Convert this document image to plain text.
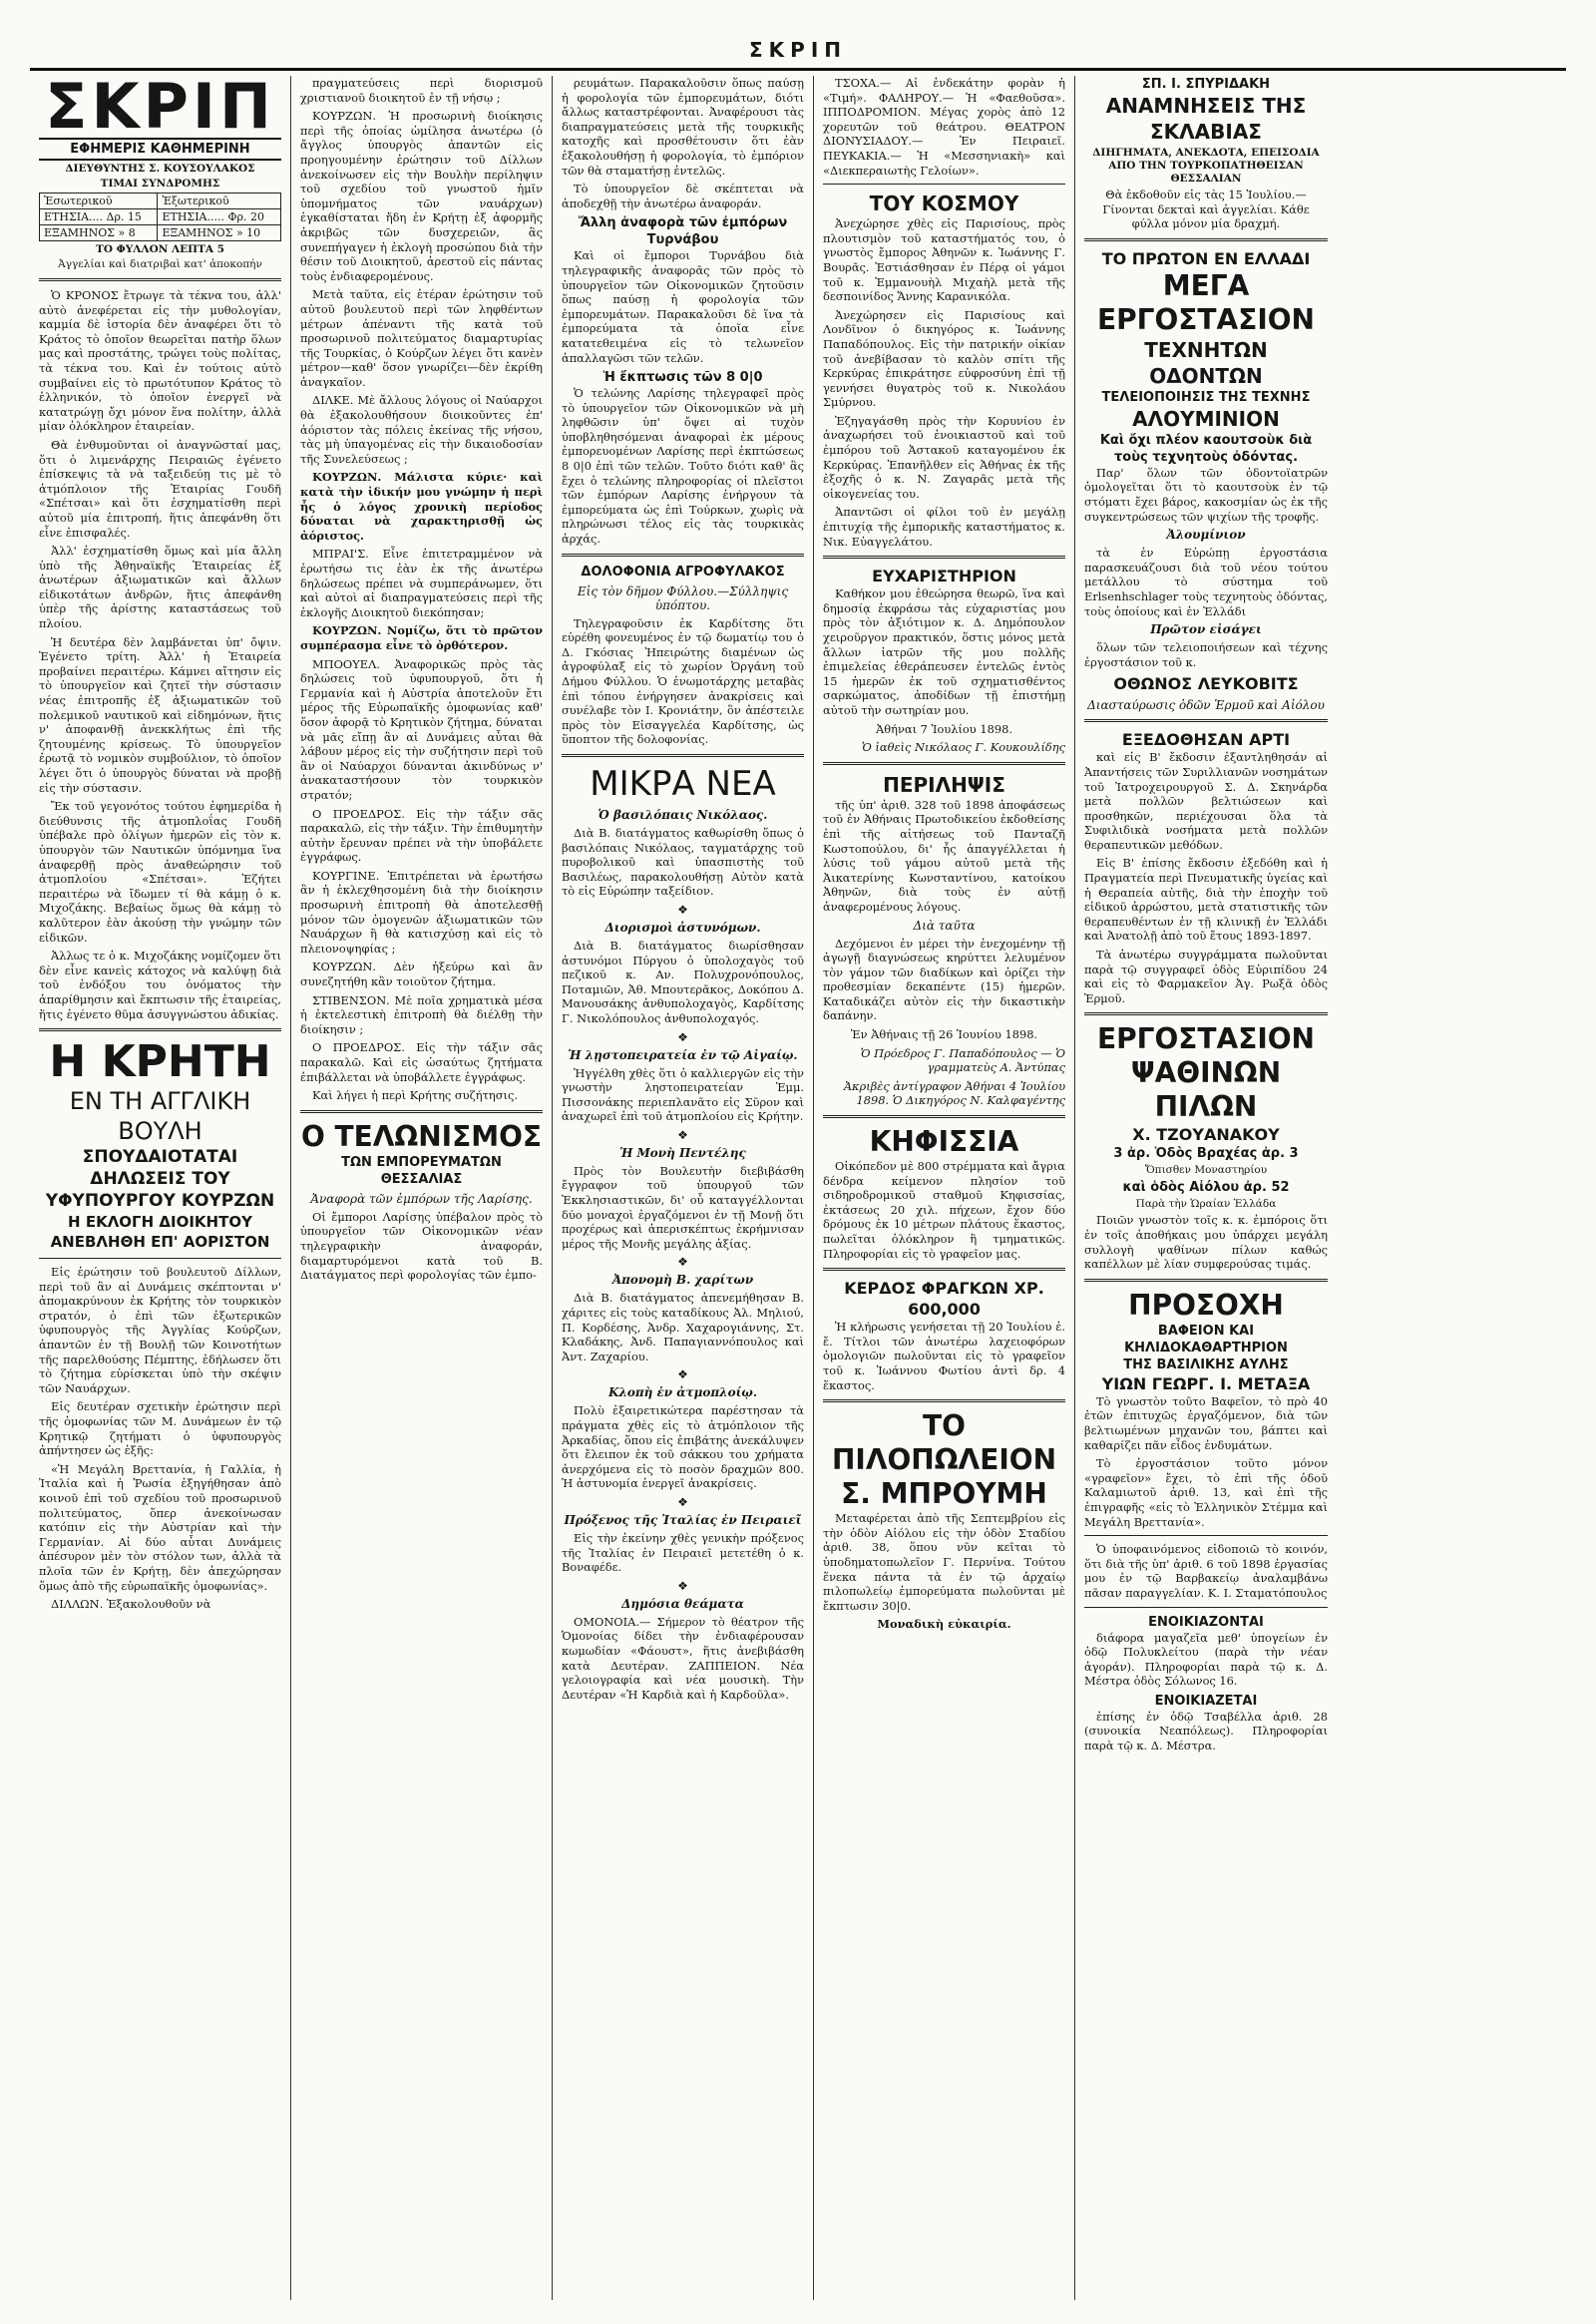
ΣΚΡΙΠ
ΣΚΡΙΠ
ΕΦΗΜΕΡΙΣ ΚΑΘΗΜΕΡΙΝΗ
ΔΙΕΥΘΥΝΤΗΣ Σ. ΚΟΥΣΟΥΛΑΚΟΣ
ΤΙΜΑΙ ΣΥΝΔΡΟΜΗΣ
Ἐσωτερικοῦ	Ἐξωτερικοῦ
ΕΤΗΣΙΑ.... Δρ. 15	ΕΤΗΣΙΑ..... Φρ. 20
ΕΞΑΜΗΝΟΣ » 8	ΕΞΑΜΗΝΟΣ » 10
ΤΟ ΦΥΛΛΟΝ ΛΕΠΤΑ 5
Ἀγγελίαι καὶ διατριβαὶ κατ' ἀποκοπήν

Ὁ ΚΡΟΝΟΣ ἔτρωγε τὰ τέκνα του, ἀλλ' αὐτὸ ἀνεφέρεται εἰς τὴν μυθολογίαν, καμμία δὲ ἱστορία δὲν ἀναφέρει ὅτι τὸ Κράτος τὸ ὁποῖον θεωρεῖται πατὴρ ὅλων μας καὶ προστάτης, τρώγει τοὺς πολίτας, τὰ τέκνα του. Καὶ ἐν τούτοις αὐτὸ συμβαίνει εἰς τὸ πρωτότυπον Κράτος τὸ ἑλληνικόν, τὸ ὁποῖον ἐνεργεῖ νὰ κατατρώγῃ ὄχι μόνον ἕνα πολίτην, ἀλλὰ μίαν ὁλόκληρον ἑταιρείαν.

Θὰ ἐνθυμοῦνται οἱ ἀναγνῶσταί μας, ὅτι ὁ λιμενάρχης Πειραιῶς ἐγένετο ἐπίσκεψις τὰ νὰ ταξειδεύῃ τις μὲ τὸ ἀτμόπλοιον τῆς Ἑταιρίας Γουδῆ «Σπέτσαι» καὶ ὅτι ἐσχηματίσθη περὶ αὐτοῦ μία ἐπιτροπή, ἥτις ἀπεφάνθη ὅτι εἶνε ἐπισφαλές.

Ἀλλ' ἐσχηματίσθη ὅμως καὶ μία ἄλλη ὑπὸ τῆς Ἀθηναϊκῆς Ἑταιρείας ἐξ ἀνωτέρων ἀξιωματικῶν καὶ ἄλλων εἰδικοτάτων ἀνδρῶν, ἥτις ἀπεφάνθη ὑπὲρ τῆς ἀρίστης καταστάσεως τοῦ πλοίου.

Ἡ δευτέρα δὲν λαμβάνεται ὑπ' ὄψιν. Ἐγένετο τρίτη. Ἀλλ' ἡ Ἑταιρεία προβαίνει περαιτέρω. Κάμνει αἴτησιν εἰς τὸ ὑπουργεῖον καὶ ζητεῖ τὴν σύστασιν νέας ἐπιτροπῆς ἐξ ἀξιωματικῶν τοῦ πολεμικοῦ ναυτικοῦ καὶ εἰδημόνων, ἥτις ν' ἀποφανθῇ ἀνεκκλήτως ἐπὶ τῆς ζητουμένης κρίσεως. Τὸ ὑπουργεῖον ἐρωτᾷ τὸ νομικὸν συμβούλιον, τὸ ὁποῖον λέγει ὅτι ὁ ὑπουργὸς δύναται νὰ προβῇ εἰς τὴν σύστασιν.

Ἔκ τοῦ γεγονότος τούτου ἐφημερίδα ἡ διεύθυνσις τῆς ἀτμοπλοΐας Γουδῆ ὑπέβαλε πρὸ ὀλίγων ἡμερῶν εἰς τὸν κ. ὑπουργὸν τῶν Ναυτικῶν ὑπόμνημα ἵνα ἀναφερθῇ πρὸς ἀναθεώρησιν τοῦ ἀτμοπλοίου «Σπέτσαι». Ἐζήτει περαιτέρω νὰ ἴδωμεν τί θὰ κάμῃ ὁ κ. Μιχοζάκης. Βεβαίως ὅμως θὰ κάμῃ τὸ καλῦτερον ἐὰν ἀκούσῃ τὴν γνώμην τῶν εἰδικῶν.

Ἀλλως τε ὁ κ. Μιχοζάκης νομίζομεν ὅτι δὲν εἶνε κανεὶς κάτοχος νὰ καλύψῃ διὰ τοῦ ἐνδόξου του ὀνόματος τὴν ἀπαρίθμησιν καὶ ἔκπτωσιν τῆς ἑταιρείας, ἥτις ἐγένετο θῦμα ἀσυγγνώστου ἀδικίας.

Η ΚΡΗΤΗ
ΕΝ ΤΗ ΑΓΓΛΙΚΗ ΒΟΥΛΗ
ΣΠΟΥΔΑΙΟΤΑΤΑΙ ΔΗΛΩΣΕΙΣ ΤΟΥ ΥΦΥΠΟΥΡΓΟΥ ΚΟΥΡΖΩΝ
Η ΕΚΛΟΓΗ ΔΙΟΙΚΗΤΟΥ ΑΝΕΒΛΗΘΗ ΕΠ' ΑΟΡΙΣΤΟΝ

Εἰς ἐρώτησιν τοῦ βουλευτοῦ Δίλλων, περὶ τοῦ ἂν αἱ Δυνάμεις σκέπτονται ν' ἀπομακρύνουν ἐκ Κρήτης τὸν τουρκικὸν στρατόν, ὁ ἐπὶ τῶν ἐξωτερικῶν ὑφυπουργὸς τῆς Ἀγγλίας Κούρζων, ἀπαντῶν ἐν τῇ Βουλῇ τῶν Κοινοτήτων τῆς παρελθούσης Πέμπτης, ἐδήλωσεν ὅτι τὸ ζήτημα εὑρίσκεται ὑπὸ τὴν σκέψιν τῶν Ναυάρχων.

Εἰς δευτέραν σχετικὴν ἐρώτησιν περὶ τῆς ὁμοφωνίας τῶν Μ. Δυνάμεων ἐν τῷ Κρητικῷ ζητήματι ὁ ὑφυπουργὸς ἀπήντησεν ὡς ἑξῆς:

«Ἡ Μεγάλη Βρεττανία, ἡ Γαλλία, ἡ Ἰταλία καὶ ἡ Ῥωσία ἐξηγήθησαν ἀπὸ κοινοῦ ἐπὶ τοῦ σχεδίου τοῦ προσωρινοῦ πολιτεύματος, ὅπερ ἀνεκοίνωσαν κατόπιν εἰς τὴν Αὐστρίαν καὶ τὴν Γερμανίαν. Αἱ δύο αὗται Δυνάμεις ἀπέσυρον μὲν τὸν στόλον των, ἀλλὰ τὰ πλοῖα τῶν ἐν Κρήτῃ, δὲν ἀπεχώρησαν ὅμως ἀπὸ τῆς εὐρωπαϊκῆς ὁμοφωνίας».

ΔΙΛΛΩΝ. Ἐξακολουθοῦν νὰ

πραγματεύσεις περὶ διορισμοῦ χριστιανοῦ διοικητοῦ ἐν τῇ νήσῳ ;

ΚΟΥΡΖΩΝ. Ἡ προσωρινὴ διοίκησις περὶ τῆς ὁποίας ὡμίλησα ἀνωτέρω (ὁ ἄγγλος ὑπουργὸς ἀπαντῶν εἰς προηγουμένην ἐρώτησιν τοῦ Δίλλων ἀνεκοίνωσεν εἰς τὴν Βουλὴν περίληψιν τοῦ σχεδίου τοῦ γνωστοῦ ἡμῖν ὑπομνήματος τῶν ναυάρχων) ἐγκαθίσταται ἤδη ἐν Κρήτῃ ἐξ ἀφορμῆς ἀκριβῶς τῶν δυσχερειῶν, ἃς συνεπήγαγεν ἡ ἐκλογὴ προσώπου διὰ τὴν θέσιν τοῦ Διοικητοῦ, ἀρεστοῦ εἰς πάντας τοὺς ἐνδιαφερομένους.

Μετὰ ταῦτα, εἰς ἑτέραν ἐρώτησιν τοῦ αὐτοῦ βουλευτοῦ περὶ τῶν ληφθέντων μέτρων ἀπέναντι τῆς κατὰ τοῦ προσωρινοῦ πολιτεύματος διαμαρτυρίας τῆς Τουρκίας, ὁ Κούρζων λέγει ὅτι κανὲν μέτρον—καθ' ὅσον γνωρίζει—δὲν ἐκρίθη ἀναγκαῖον.

ΔΙΛΚΕ. Μὲ ἄλλους λόγους οἱ Ναύαρχοι θὰ ἐξακολουθήσουν διοικοῦντες ἐπ' ἀόριστον τὰς πόλεις ἐκείνας τῆς νήσου, τὰς μὴ ὑπαγομένας εἰς τὴν δικαιοδοσίαν τῆς Συνελεύσεως ;

ΚΟΥΡΖΩΝ. Μάλιστα κύριε· καὶ κατὰ τὴν ἰδικήν μου γνώμην ἡ περὶ ἧς ὁ λόγος χρονικὴ περίοδος δύναται νὰ χαρακτηρισθῇ ὡς ἀόριστος.

ΜΠΡΑΙ'Σ. Εἶνε ἐπιτετραμμένον νὰ ἐρωτήσω τις ἐὰν ἐκ τῆς ἀνωτέρω δηλώσεως πρέπει νὰ συμπεράνωμεν, ὅτι καὶ αὐτοὶ αἱ διαπραγματεύσεις περὶ τῆς ἐκλογῆς Διοικητοῦ διεκόπησαν;

ΚΟΥΡΖΩΝ. Νομίζω, ὅτι τὸ πρῶτον συμπέρασμα εἶνε τὸ ὀρθότερον.

ΜΠΟΟΥΕΛ. Ἀναφορικῶς πρὸς τὰς δηλώσεις τοῦ ὑφυπουργοῦ, ὅτι ἡ Γερμανία καὶ ἡ Αὐστρία ἀποτελοῦν ἔτι μέρος τῆς Εὐρωπαϊκῆς ὁμοφωνίας καθ' ὅσον ἀφορᾷ τὸ Κρητικὸν ζήτημα, δύναται νὰ μᾶς εἴπῃ ἂν αἱ Δυνάμεις αὗται θὰ λάβουν μέρος εἰς τὴν συζήτησιν περὶ τοῦ ἂν οἱ Ναύαρχοι δύνανται ἀκινδύνως ν' ἀνακαταστήσουν τὸν τουρκικὸν στρατόν;

Ο ΠΡΟΕΔΡΟΣ. Εἰς τὴν τάξιν σᾶς παρακαλῶ, εἰς τὴν τάξιν. Τὴν ἐπιθυμητὴν αὐτὴν ἔρευναν πρέπει νὰ τὴν ὑποβάλετε ἐγγράφως.

ΚΟΥΡΓΙΝΕ. Ἐπιτρέπεται νὰ ἐρωτήσω ἂν ἡ ἐκλεχθησομένη διὰ τὴν διοίκησιν προσωρινὴ ἐπιτροπὴ θὰ ἀποτελεσθῇ μόνον τῶν ὁμογενῶν ἀξιωματικῶν τῶν Ναυάρχων ἢ θὰ κατισχύσῃ καὶ εἰς τὸ πλειονοψηφίας ;

ΚΟΥΡΖΩΝ. Δὲν ἠξεύρω καὶ ἂν συνεζητήθη κἂν τοιοῦτον ζήτημα.

ΣΤΙΒΕΝΣΟΝ. Μὲ ποῖα χρηματικὰ μέσα ἡ ἐκτελεστικὴ ἐπιτροπὴ θὰ διέλθῃ τὴν διοίκησιν ;

Ο ΠΡΟΕΔΡΟΣ. Εἰς τὴν τάξιν σᾶς παρακαλῶ. Καὶ εἰς ὡσαύτως ζητήματα ἐπιβάλλεται νὰ ὑποβάλλετε ἐγγράφως.

Καὶ λήγει ἡ περὶ Κρήτης συζήτησις.

Ο ΤΕΛΩΝΙΣΜΟΣ
ΤΩΝ ΕΜΠΟΡΕΥΜΑΤΩΝ ΘΕΣΣΑΛΙΑΣ
Ἀναφορὰ τῶν ἐμπόρων τῆς Λαρίσης.

Οἱ ἔμποροι Λαρίσης ὑπέβαλον πρὸς τὸ ὑπουργεῖον τῶν Οἰκονομικῶν νέαν τηλεγραφικὴν ἀναφοράν, διαμαρτυρόμενοι κατὰ τοῦ Β. Διατάγματος περὶ φορολογίας τῶν ἐμπο-

ρευμάτων. Παρακαλοῦσιν ὅπως παύσῃ ἡ φορολογία τῶν ἐμπορευμάτων, διότι ἄλλως καταστρέφονται. Ἀναφέρουσι τὰς διαπραγματεύσεις μετὰ τῆς τουρκικῆς κατοχῆς καὶ προσθέτουσιν ὅτι ἐὰν ἐξακολουθήσῃ ἡ φορολογία, τὸ ἐμπόριον τῶν θὰ σταματήσῃ ἐντελῶς.

Τὸ ὑπουργεῖον δὲ σκέπτεται νὰ ἀποδεχθῇ τὴν ἀνωτέρω ἀναφοράν.

Ἄλλη ἀναφορὰ τῶν ἐμπόρων Τυρνάβου

Καὶ οἱ ἔμποροι Τυρνάβου διὰ τηλεγραφικῆς ἀναφορᾶς τῶν πρὸς τὸ ὑπουργεῖον τῶν Οἰκονομικῶν ζητοῦσιν ὅπως παύσῃ ἡ φορολογία τῶν ἐμπορευμάτων. Παρακαλοῦσι δὲ ἵνα τὰ ἐμπορεύματα τὰ ὁποῖα εἶνε κατατεθειμένα εἰς τὸ τελωνεῖον ἀπαλλαγῶσι τῶν τελῶν.

Ἡ ἔκπτωσις τῶν 8 0|0

Ὁ τελώνης Λαρίσης τηλεγραφεῖ πρὸς τὸ ὑπουργεῖον τῶν Οἰκονομικῶν νὰ μὴ ληφθῶσιν ὑπ' ὄψει αἱ τυχὸν ὑποβληθησόμεναι ἀναφοραὶ ἐκ μέρους ἐμπορευομένων Λαρίσης περὶ ἐκπτώσεως 8 0|0 ἐπὶ τῶν τελῶν. Τοῦτο διότι καθ' ἃς ἔχει ὁ τελώνης πληροφορίας οἱ πλεῖστοι τῶν ἐμπόρων Λαρίσης ἐνήργουν τὰ ἐμπορεύματα ὡς ἐπὶ Τούρκων, χωρὶς νὰ πληρώνωσι τέλος εἰς τὰς τουρκικὰς ἀρχάς.

ΔΟΛΟΦΟΝΙΑ ΑΓΡΟΦΥΛΑΚΟΣ
Εἰς τὸν δῆμον Φύλλου.—Σύλληψις ὑπόπτου.

Τηλεγραφοῦσιν ἐκ Καρδίτσης ὅτι εὑρέθη φονευμένος ἐν τῷ δωματίῳ του ὁ Δ. Γκόσιας Ἠπειρώτης διαμένων ὡς ἀγροφύλαξ εἰς τὸ χωρίον Ὀργάνη τοῦ Δήμου Φύλλου. Ὁ ἐνωμοτάρχης μεταβὰς ἐπὶ τόπου ἐνήργησεν ἀνακρίσεις καὶ συνέλαβε τὸν Ι. Κρονιάτην, ὃν ἀπέστειλε πρὸς τὸν Εἰσαγγελέα Καρδίτσης, ὡς ὕποπτον τῆς δολοφονίας.

ΜΙΚΡΑ ΝΕΑ
Ὁ βασιλόπαις Νικόλαος.

Διὰ Β. διατάγματος καθωρίσθη ὅπως ὁ βασιλόπαις Νικόλαος, ταγματάρχης τοῦ πυροβολικοῦ καὶ ὑπασπιστὴς τοῦ Βασιλέως, παρακολουθήσῃ Αὐτὸν κατὰ τὸ εἰς Εὐρώπην ταξείδιον.

❖
Διορισμοὶ ἀστυνόμων.

Διὰ Β. διατάγματος διωρίσθησαν ἀστυνόμοι Πύργου ὁ ὑπολοχαγὸς τοῦ πεζικοῦ κ. Αν. Πολυχρονόπουλος, Ποταμιῶν, Ἀθ. Μπουτερᾶκος, Δοκόπου Δ. Μανουσάκης ἀνθυπολοχαγὸς, Καρδίτσης Γ. Νικολόπουλος ἀνθυπολοχαγός.

❖
Ἡ λῃστοπειρατεία ἐν τῷ Αἰγαίῳ.

Ἠγγέλθη χθὲς ὅτι ὁ καλλιεργῶν εἰς τὴν γνωστὴν ληστοπειρατείαν Ἐμμ. Πισσονάκης περιεπλανᾶτο εἰς Σῦρον καὶ ἀναχωρεῖ ἐπὶ τοῦ ἀτμοπλοίου εἰς Κρήτην.

❖
Ἡ Μονὴ Πεντέλης

Πρὸς τὸν Βουλευτὴν διεβιβάσθη ἔγγραφον τοῦ ὑπουργοῦ τῶν Ἐκκλησιαστικῶν, δι' οὗ καταγγέλλονται δύο μοναχοὶ ἐργαζόμενοι ἐν τῇ Μονῇ ὅτι προχέρως καὶ ἀπερισκέπτως ἐκρήμνισαν μέρος τῆς Μονῆς μεγάλης ἀξίας.

❖
Ἀπονομὴ Β. χαρίτων

Διὰ Β. διατάγματος ἀπενεμήθησαν Β. χάριτες εἰς τοὺς καταδίκους Ἀλ. Μηλιού, Π. Κορδέσης, Ἀνδρ. Χαχαρογιάννης, Στ. Κλαδάκης, Ἀνδ. Παπαγιαννόπουλος καὶ Ἀντ. Ζαχαρίου.

❖
Κλοπὴ ἐν ἀτμοπλοίῳ.

Πολὺ ἐξαιρετικώτερα παρέστησαν τὰ πράγματα χθὲς εἰς τὸ ἀτμόπλοιον τῆς Ἀρκαδίας, ὅπου εἰς ἐπιβάτης ἀνεκάλυψεν ὅτι ἔλειπον ἐκ τοῦ σάκκου του χρήματα ἀνερχόμενα εἰς τὸ ποσὸν δραχμῶν 800. Ἡ ἀστυνομία ἐνεργεῖ ἀνακρίσεις.

❖
Πρόξενος τῆς Ἰταλίας ἐν Πειραιεῖ

Εἰς τὴν ἐκείνην χθὲς γενικὴν πρόξενος τῆς Ἰταλίας ἐν Πειραιεῖ μετετέθη ὁ κ. Βοναφέδε.

❖
Δημόσια θεάματα

ΟΜΟΝΟΙΑ.— Σήμερον τὸ θέατρον τῆς Ὁμονοίας δίδει τὴν ἐνδιαφέρουσαν κωμωδίαν «Φάουστ», ἥτις ἀνεβιβάσθη κατὰ Δευτέραν. ΖΑΠΠΕΙΟΝ. Νέα γελοιογραφία καὶ νέα μουσικὴ. Τὴν Δευτέραν «Ἡ Καρδιὰ καὶ ἡ Καρδοῦλα».

ΤΣΟΧΑ.— Αἱ ἐνδεκάτην φορὰν ἡ «Τιμή». ΦΑΛΗΡΟΥ.— Ἡ «Φαεθοῦσα». ΙΠΠΟΔΡΟΜΙΟΝ. Μέγας χορὸς ἀπὸ 12 χορευτῶν τοῦ θεάτρου. ΘΕΑΤΡΟΝ ΔΙΟΝΥΣΙΑΔΟΥ.— Ἐν Πειραιεῖ. ΠΕΥΚΑΚΙΑ.— Ἡ «Μεσσηνιακὴ» καὶ «Διεκπεραιωτὴς Γελοίων».

ΤΟΥ ΚΟΣΜΟΥ

Ἀνεχώρησε χθὲς εἰς Παρισίους, πρὸς πλουτισμὸν τοῦ καταστήματός του, ὁ γνωστὸς ἔμπορος Ἀθηνῶν κ. Ἰωάννης Γ. Βουρᾶς. Ἐστιάσθησαν ἐν Πέρᾳ οἱ γάμοι τοῦ κ. Ἐμμανουὴλ Μιχαὴλ μετὰ τῆς δεσποινίδος Ἄννης Καρανικόλα.

Ἀνεχώρησεν εἰς Παρισίους καὶ Λονδῖνον ὁ δικηγόρος κ. Ἰωάννης Παπαδόπουλος. Εἰς τὴν πατρικήν οἰκίαν τοῦ ἀνεβίβασαν τὸ καλὸν σπίτι τῆς Κερκύρας ἐπικράτησε εὐφροσύνη ἐπὶ τῇ γεννήσει θυγατρὸς τοῦ κ. Νικολάου Σμύρνου.

Ἐζηγαγάσθη πρὸς τὴν Κορυνίου ἐν ἀναχωρήσει τοῦ ἐνοικιαστοῦ καὶ τοῦ ἐμπόρου τοῦ Ἀστακοῦ καταγομένου ἐκ Κερκύρας. Ἐπανῆλθεν εἰς Ἀθήνας ἐκ τῆς ἐξοχῆς ὁ κ. Ν. Ζαγαρᾶς μετὰ τῆς οἰκογενείας του.

Ἀπαντῶσι οἱ φίλοι τοῦ ἐν μεγάλῃ ἐπιτυχίᾳ τῆς ἐμπορικῆς καταστήματος κ. Νικ. Εὐαγγελάτου.

ΕΥΧΑΡΙΣΤΗΡΙΟΝ

Καθήκον μου ἐθεώρησα θεωρῶ, ἵνα καὶ δημοσίᾳ ἐκφράσω τὰς εὐχαριστίας μου πρὸς τὸν ἀξιότιμον κ. Δ. Δημόπουλον χειροῦργον πρακτικόν, ὅστις μόνος μετὰ ἄλλων ἰατρῶν τῆς μου πολλῆς ἐπιμελείας ἐθεράπευσεν ἐντελῶς ἐντὸς 15 ἡμερῶν ἐκ τοῦ σχηματισθέντος σαρκώματος, ἀποδίδων τῇ ἐπιστήμῃ αὐτοῦ τὴν σωτηρίαν μου.

Ἀθήναι 7 Ἰουλίου 1898.

Ὁ ἰαθεὶς Νικόλαος Γ. Κουκουλίδης

ΠΕΡΙΛΗΨΙΣ

τῆς ὑπ' ἀριθ. 328 τοῦ 1898 ἀποφάσεως τοῦ ἐν Ἀθήναις Πρωτοδικείου ἐκδοθείσης ἐπὶ τῆς αἰτήσεως τοῦ Πανταζῆ Κωστοπούλου, δι' ἧς ἀπαγγέλλεται ἡ λύσις τοῦ γάμου αὐτοῦ μετὰ τῆς Ἀικατερίνης Κωνσταντίνου, κατοίκου Ἀθηνῶν, διὰ τοὺς ἐν αὐτῇ ἀναφερομένους λόγους.

Διὰ ταῦτα

Δεχόμενοι ἐν μέρει τὴν ἐνεχομένην τῇ ἀγωγῇ διαγνώσεως κηρύττει λελυμένον τὸν γάμον τῶν διαδίκων καὶ ὁρίζει τὴν προθεσμίαν δεκαπέντε (15) ἡμερῶν. Καταδικάζει αὐτὸν εἰς τὴν δικαστικὴν δαπάνην.

Ἐν Ἀθήναις τῇ 26 Ἰουνίου 1898.

Ὁ Πρόεδρος Γ. Παπαδόπουλος — Ὁ γραμματεὺς Α. Ἀντύπας

Ἀκριβὲς ἀντίγραφον Ἀθήναι 4 Ἰουλίου 1898. Ὁ Δικηγόρος Ν. Καλφαγέντης

ΚΗΦΙΣΣΙΑ

Οἰκόπεδον μὲ 800 στρέμματα καὶ ἄγρια δένδρα κείμενον πλησίον τοῦ σιδηροδρομικοῦ σταθμοῦ Κηφισσίας, ἐκτάσεως 20 χιλ. πήχεων, ἔχον δύο δρόμους ἐκ 10 μέτρων πλάτους ἕκαστος, πωλεῖται ὁλόκληρον ἢ τμηματικῶς. Πληροφορίαι εἰς τὸ γραφεῖον μας.

ΚΕΡΔΟΣ ΦΡΑΓΚΩΝ ΧΡ. 600,000

Ἡ κλήρωσις γενήσεται τῇ 20 Ἰουλίου ἐ. ἔ. Τίτλοι τῶν ἀνωτέρω λαχειοφόρων ὁμολογιῶν πωλοῦνται εἰς τὸ γραφεῖον τοῦ κ. Ἰωάννου Φωτίου ἀντὶ δρ. 4 ἕκαστος.

ΤΟ ΠΙΛΟΠΩΛΕΙΟΝ
Σ. ΜΠΡΟΥΜΗ

Μεταφέρεται ἀπὸ τῆς Σεπτεμβρίου εἰς τὴν ὁδὸν Αἰόλου εἰς τὴν ὁδὸν Σταδίου ἀριθ. 38, ὅπου νῦν κεῖται τὸ ὑποδηματοπωλεῖον Γ. Περνίνα. Τούτου ἕνεκα πάντα τὰ ἐν τῷ ἀρχαίῳ πιλοπωλείῳ ἐμπορεύματα πωλοῦνται μὲ ἔκπτωσιν 30|0.

Μοναδικὴ εὐκαιρία.

ΣΠ. Ι. ΣΠΥΡΙΔΑΚΗ
ΑΝΑΜΝΗΣΕΙΣ ΤΗΣ ΣΚΛΑΒΙΑΣ
ΔΙΗΓΗΜΑΤΑ, ΑΝΕΚΔΟΤΑ, ΕΠΕΙΣΟΔΙΑ ΑΠΟ ΤΗΝ ΤΟΥΡΚΟΠΑΤΗΘΕΙΣΑΝ ΘΕΣΣΑΛΙΑΝ

Θὰ ἐκδοθοῦν εἰς τὰς 15 Ἰουλίου.— Γίνονται δεκταὶ καὶ ἀγγελίαι. Κάθε φύλλα μόνον μία δραχμή.

ΤΟ ΠΡΩΤΟΝ ΕΝ ΕΛΛΑΔΙ
ΜΕΓΑ ΕΡΓΟΣΤΑΣΙΟΝ
ΤΕΧΝΗΤΩΝ ΟΔΟΝΤΩΝ
ΤΕΛΕΙΟΠΟΙΗΣΙΣ ΤΗΣ ΤΕΧΝΗΣ
ΑΛΟΥΜΙΝΙΟΝ
Καὶ ὄχι πλέον καουτσοὺκ διὰ τοὺς τεχνητοὺς ὀδόντας.

Παρ' ὅλων τῶν ὀδοντοϊατρῶν ὁμολογεῖται ὅτι τὸ καουτσοὺκ ἐν τῷ στόματι ἔχει βάρος, κακοσμίαν ὡς ἐκ τῆς συγκεντρώσεως τῶν ψιχίων τῆς τροφῆς.

Ἀλουμίνιον

τὰ ἐν Εὐρώπῃ ἐργοστάσια παρασκευάζουσι διὰ τοῦ νέου τούτου μετάλλου τὸ σύστημα τοῦ Erlsenhschlager τοὺς τεχνητοὺς ὀδόντας, τοὺς ὁποίους καὶ ἐν Ἑλλάδι

Πρῶτον εἰσάγει

ὅλων τῶν τελειοποιήσεων καὶ τέχνης ἐργοστάσιον τοῦ κ.

ΟΘΩΝΟΣ ΛΕΥΚΟΒΙΤΣ
Διασταύρωσις ὁδῶν Ἑρμοῦ καὶ Αἰόλου
ΕΞΕΔΟΘΗΣΑΝ ΑΡΤΙ

καὶ εἰς Β' ἔκδοσιν ἐξαντληθησάν αἱ Ἀπαντήσεις τῶν Συριλλιανῶν νοσημάτων τοῦ Ἰατροχειρουργοῦ Σ. Δ. Σκηνάρδα μετὰ πολλῶν βελτιώσεων καὶ προσθηκῶν, περιέχουσαι ὅλα τὰ Συφιλιδικὰ νοσήματα μετὰ πολλῶν θεραπευτικῶν μεθόδων.

Εἰς Β' ἐπίσης ἔκδοσιν ἐξεδόθη καὶ ἡ Πραγματεία περὶ Πνευματικῆς ὑγείας καὶ ἡ Θεραπεία αὐτῆς, διὰ τὴν ἐποχὴν τοῦ εἰδικοῦ ἀρρώστου, μετὰ στατιστικῆς τῶν θεραπευθέντων ἐν τῇ κλινικῇ ἐν Ἑλλάδι καὶ Ἀνατολῇ ἀπὸ τοῦ ἔτους 1893-1897.

Τὰ ἀνωτέρω συγγράμματα πωλοῦνται παρὰ τῷ συγγραφεῖ ὁδὸς Εὐριπίδου 24 καὶ εἰς τὸ Φαρμακεῖον Ἀγ. Ρωξᾶ ὁδὸς Ἑρμοῦ.

ΕΡΓΟΣΤΑΣΙΟΝ
ΨΑΘΙΝΩΝ ΠΙΛΩΝ
Χ. ΤΖΟΥΑΝΑΚΟΥ
3 ἀρ. Ὁδὸς Βραχέας ἀρ. 3
Ὄπισθεν Μοναστηρίου
καὶ ὁδὸς Αἰόλου ἀρ. 52
Παρὰ τὴν Ὡραίαν Ἑλλάδα

Ποιῶν γνωστὸν τοῖς κ. κ. ἐμπόροις ὅτι ἐν τοῖς ἀποθήκαις μου ὑπάρχει μεγάλη συλλογὴ ψαθίνων πίλων καθώς καπέλλων μὲ λίαν συμφερούσας τιμάς.

ΠΡΟΣΟΧΗ
ΒΑΦΕΙΟΝ ΚΑΙ ΚΗΛΙΔΟΚΑΘΑΡΤΗΡΙΟΝ
ΤΗΣ ΒΑΣΙΛΙΚΗΣ ΑΥΛΗΣ
ΥΙΩΝ ΓΕΩΡΓ. Ι. ΜΕΤΑΞΑ

Τὸ γνωστὸν τοῦτο Βαφεῖον, τὸ πρὸ 40 ἐτῶν ἐπιτυχῶς ἐργαζόμενον, διὰ τῶν βελτιωμένων μηχανῶν του, βάπτει καὶ καθαρίζει πᾶν εἶδος ἐνδυμάτων.

Τὸ ἐργοστάσιον τοῦτο μόνον «γραφεῖον» ἔχει, τὸ ἐπὶ τῆς ὁδοῦ Καλαμιωτοῦ ἀριθ. 13, καὶ ἐπὶ τῆς ἐπιγραφῆς «εἰς τὸ Ἑλληνικὸν Στέμμα καὶ Μεγάλη Βρεττανία».

Ὁ ὑποφαινόμενος εἰδοποιῶ τὸ κοινόν, ὅτι διὰ τῆς ὑπ' ἀριθ. 6 τοῦ 1898 ἐργασίας μου ἐν τῷ Βαρβακείῳ ἀναλαμβάνω πᾶσαν παραγγελίαν. Κ. Ι. Σταματόπουλος

ΕΝΟΙΚΙΑΖΟΝΤΑΙ

διάφορα μαγαζεῖα μεθ' ὑπογείων ἐν ὁδῷ Πολυκλείτου (παρὰ τὴν νέαν ἀγοράν). Πληροφορίαι παρὰ τῷ κ. Δ. Μέστρα ὁδὸς Σόλωνος 16.

ΕΝΟΙΚΙΑΖΕΤΑΙ

ἐπίσης ἐν ὁδῷ Τσαβέλλα ἀριθ. 28 (συνοικία Νεαπόλεως). Πληροφορίαι παρὰ τῷ κ. Δ. Μέστρα.
